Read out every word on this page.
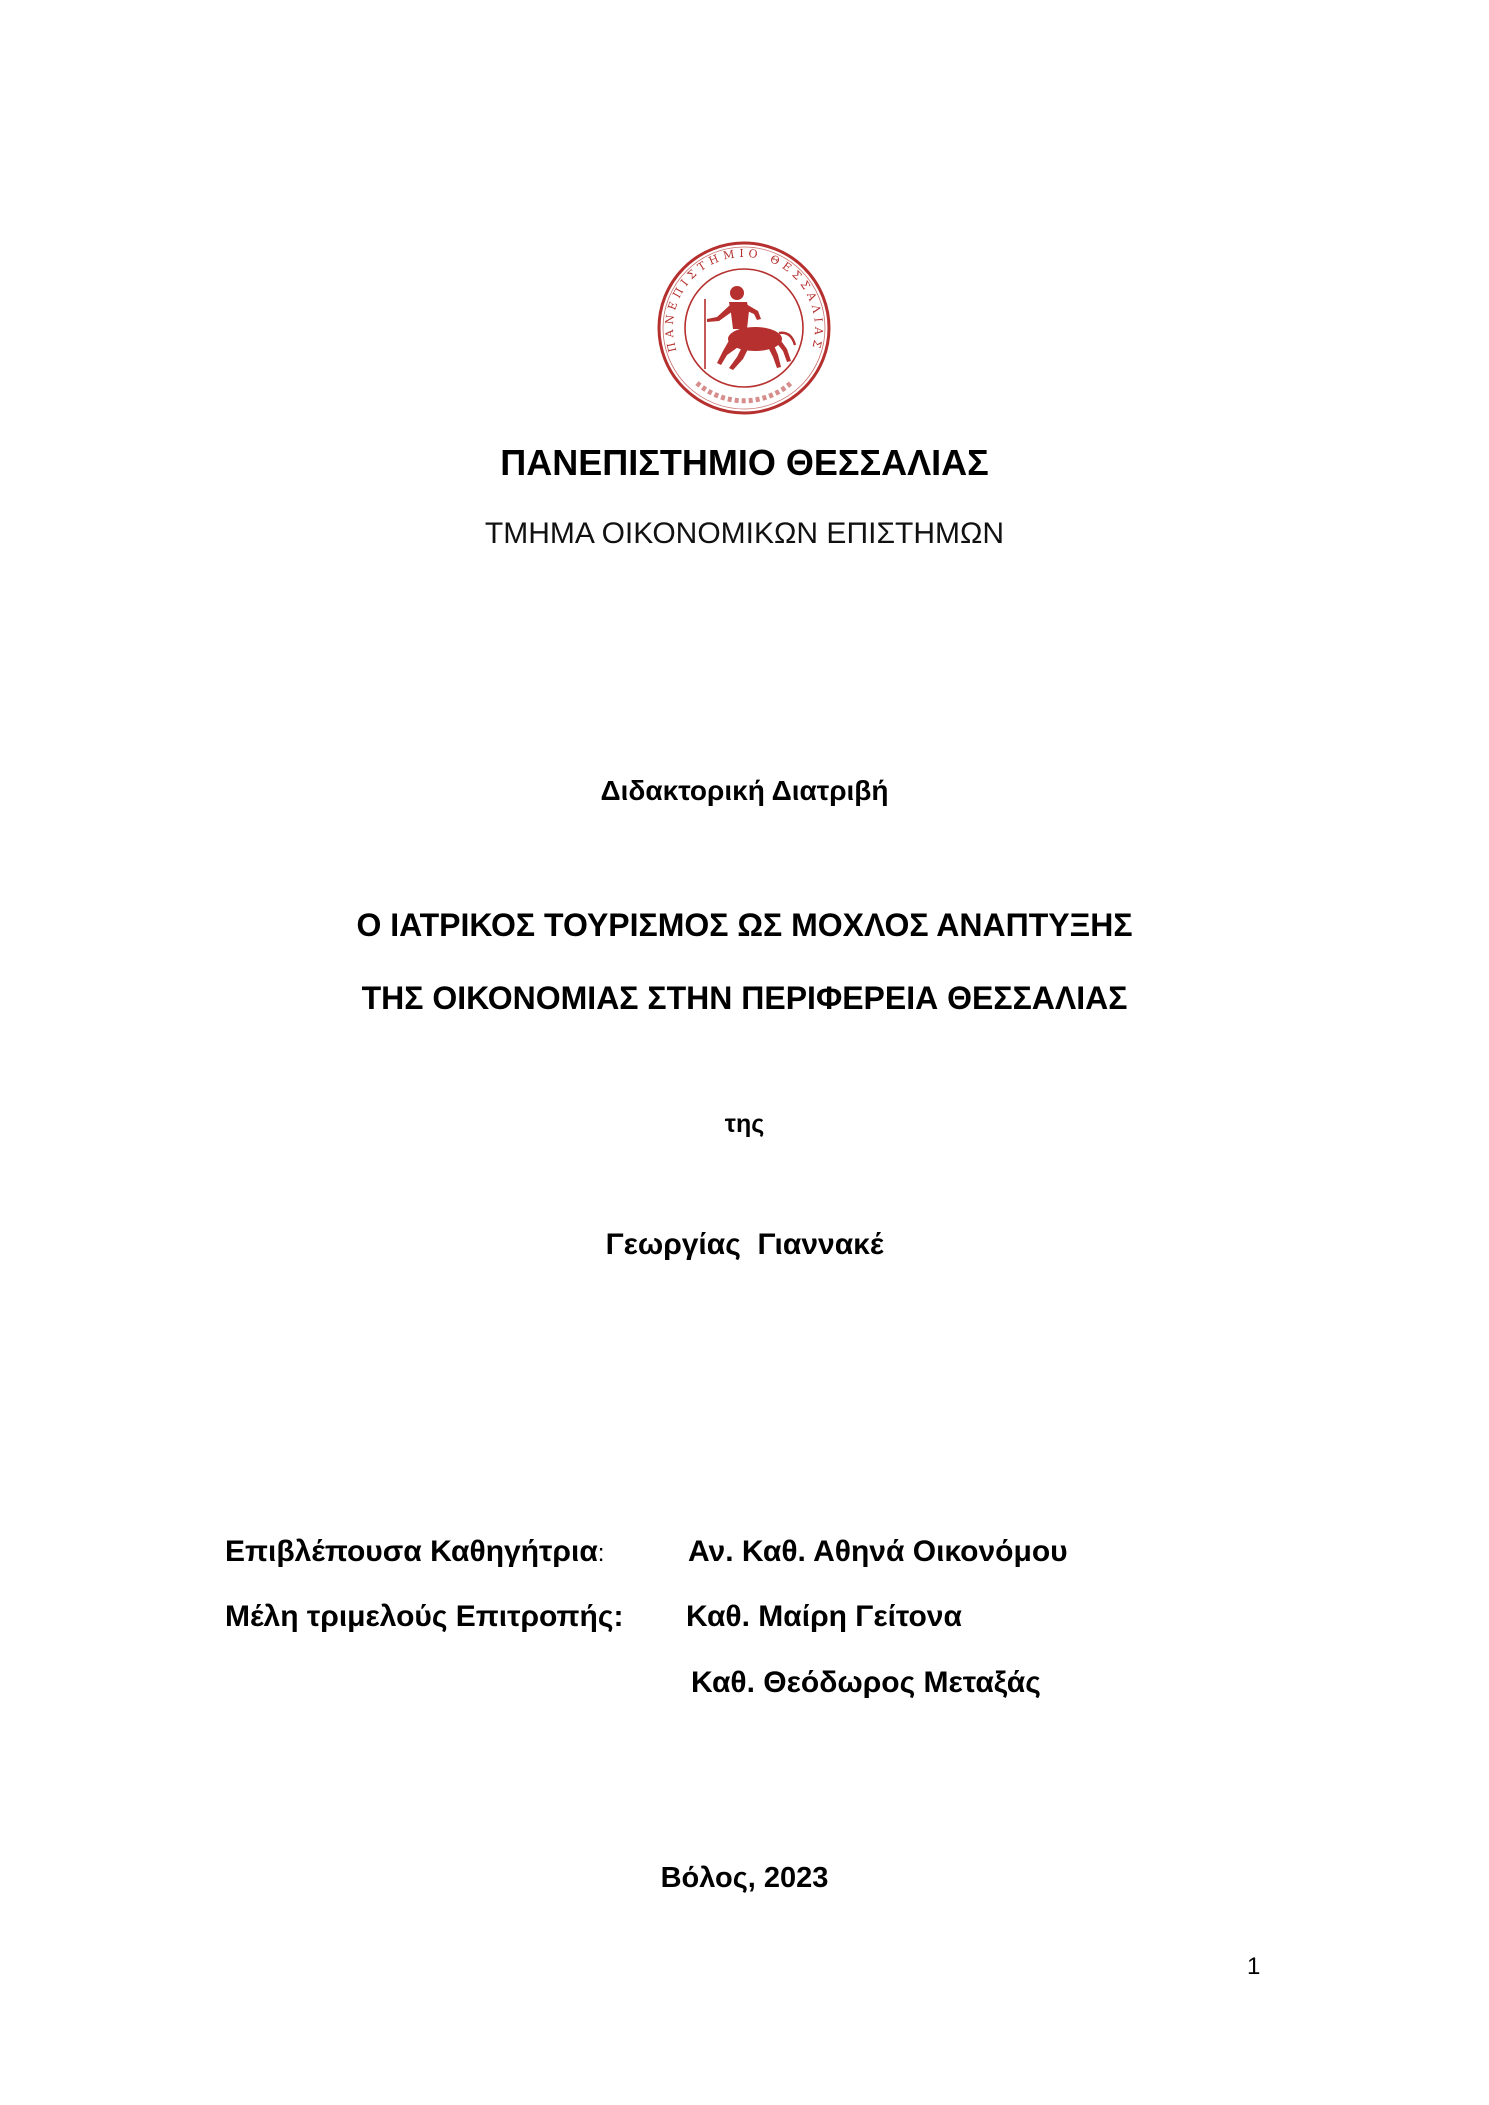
ΠΑΝΕΠΙΣΤΗΜΙΟ ΘΕΣΣΑΛΙΑΣ
ΠΑΝΕΠΙΣΤΗΜΙΟ ΘΕΣΣΑΛΙΑΣ
ΤΜΗΜΑ ΟΙΚΟΝΟΜΙΚΩΝ ΕΠΙΣΤΗΜΩΝ
Διδακτορική Διατριβή
Ο ΙΑΤΡΙΚΟΣ ΤΟΥΡΙΣΜΟΣ ΩΣ ΜΟΧΛΟΣ ΑΝΑΠΤΥΞΗΣ
ΤΗΣ ΟΙΚΟΝΟΜΙΑΣ ΣΤΗΝ ΠΕΡΙΦΕΡΕΙΑ ΘΕΣΣΑΛΙΑΣ
της
Γεωργίας  Γιαννακέ
Επιβλέπουσα Καθηγήτρια:	Αν. Καθ. Αθηνά Οικονόμου
Μέλη τριμελούς Επιτροπής: Καθ. Μαίρη Γείτονα
Καθ. Θεόδωρος Μεταξάς
Βόλος, 2023
1
